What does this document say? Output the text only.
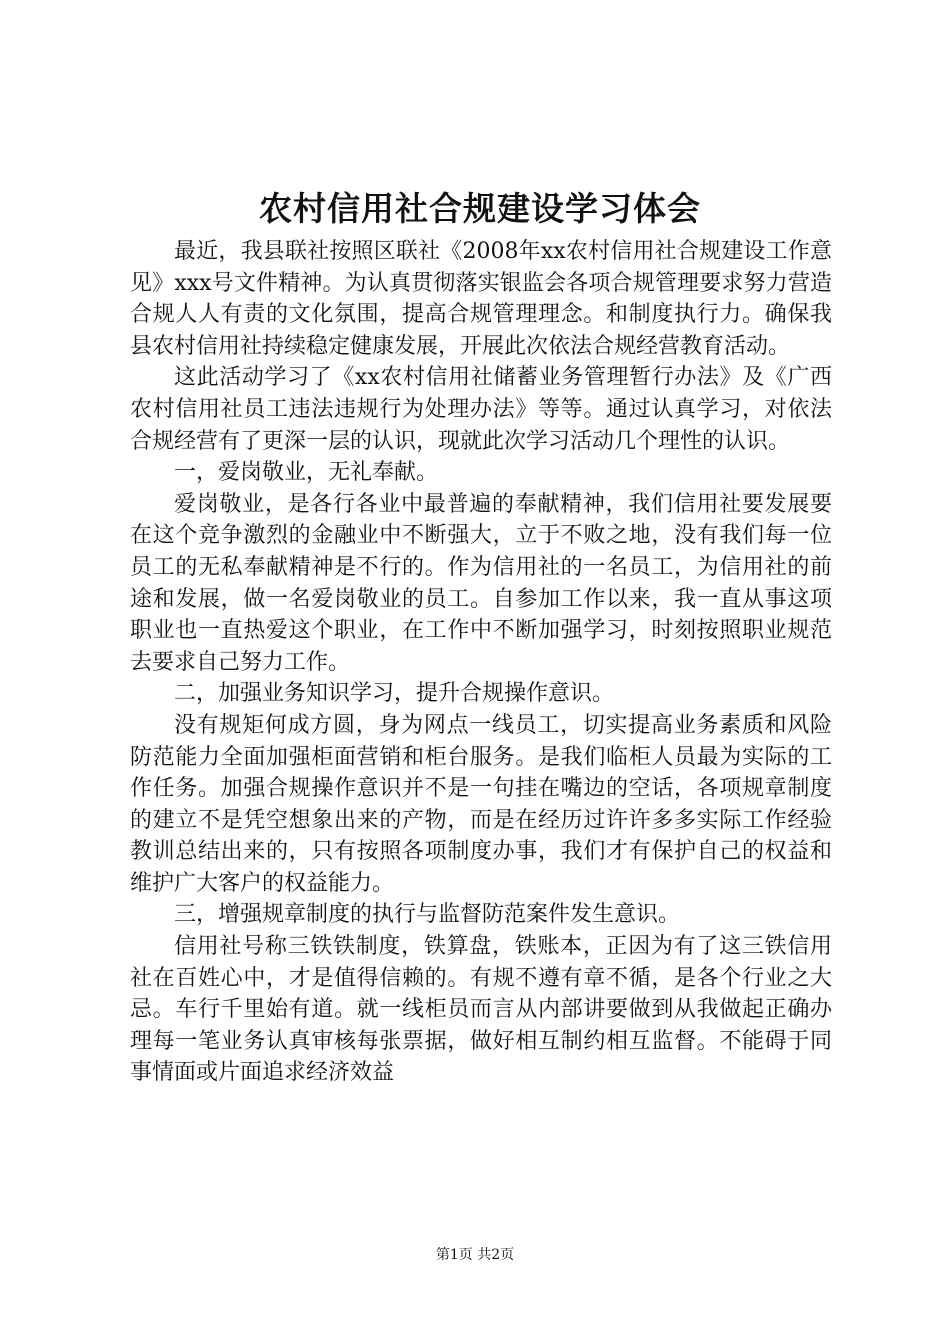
农村信用社合规建设学习体会

最近，我县联社按照区联社《2008年xx农村信用社合规建设工作意见》xxx号文件精神。为认真贯彻落实银监会各项合规管理要求努力营造合规人人有责的文化氛围，提高合规管理理念。和制度执行力。确保我县农村信用社持续稳定健康发展，开展此次依法合规经营教育活动。

这此活动学习了《xx农村信用社储蓄业务管理暂行办法》及《广西农村信用社员工违法违规行为处理办法》等等。通过认真学习，对依法合规经营有了更深一层的认识，现就此次学习活动几个理性的认识。

一，爱岗敬业，无礼奉献。

爱岗敬业，是各行各业中最普遍的奉献精神，我们信用社要发展要在这个竞争激烈的金融业中不断强大，立于不败之地，没有我们每一位员工的无私奉献精神是不行的。作为信用社的一名员工，为信用社的前途和发展，做一名爱岗敬业的员工。自参加工作以来，我一直从事这项职业也一直热爱这个职业，在工作中不断加强学习，时刻按照职业规范去要求自己努力工作。

二，加强业务知识学习，提升合规操作意识。

没有规矩何成方圆，身为网点一线员工，切实提高业务素质和风险防范能力全面加强柜面营销和柜台服务。是我们临柜人员最为实际的工作任务。加强合规操作意识并不是一句挂在嘴边的空话，各项规章制度的建立不是凭空想象出来的产物，而是在经历过许许多多实际工作经验教训总结出来的，只有按照各项制度办事，我们才有保护自己的权益和维护广大客户的权益能力。

三，增强规章制度的执行与监督防范案件发生意识。

信用社号称三铁铁制度，铁算盘，铁账本，正因为有了这三铁信用社在百姓心中，才是值得信赖的。有规不遵有章不循，是各个行业之大忌。车行千里始有道。就一线柜员而言从内部讲要做到从我做起正确办理每一笔业务认真审核每张票据，做好相互制约相互监督。不能碍于同事情面或片面追求经济效益

第1页 共2页
